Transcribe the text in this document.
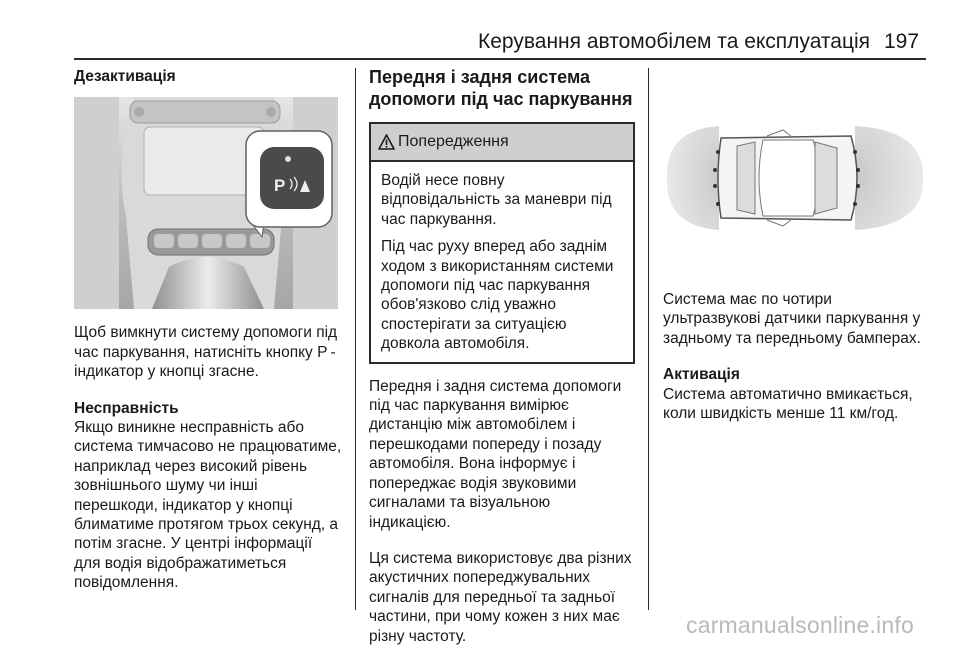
Керування автомобілем та експлуатація 197
Дезактивація
P
Щоб вимкнути систему допомоги під час паркування, натисніть кнопку Р - індикатор у кнопці згасне.
Несправність
Якщо виникне несправність або система тимчасово не працюватиме, наприклад через високий рівень зовнішнього шуму чи інші перешкоди, індикатор у кнопці блиматиме протягом трьох секунд, а потім згасне. У центрі інформації для водія відображатиметься повідомлення.
Передня і задня система
допомоги під час паркування
Попередження
Водій несе повну відповідальність за маневри під час паркування.
Під час руху вперед або заднім ходом з використанням системи допомоги під час паркування обов'язково слід уважно спостерігати за ситуацією довкола автомобіля.
Передня і задня система допомоги під час паркування вимірює дистанцію між автомобілем і перешкодами попереду і позаду автомобіля. Вона інформує і попереджає водія звуковими сигналами та візуальною індикацією.
Ця система використовує два різних акустичних попереджувальних сигналів для передньої та задньої частини, при чому кожен з них має різну частоту.
Система має по чотири ультразвукові датчики паркування у задньому та передньому бамперах.
Активація
Система автоматично вмикається, коли швидкість менше 11 км/год.
carmanualsonline.info
